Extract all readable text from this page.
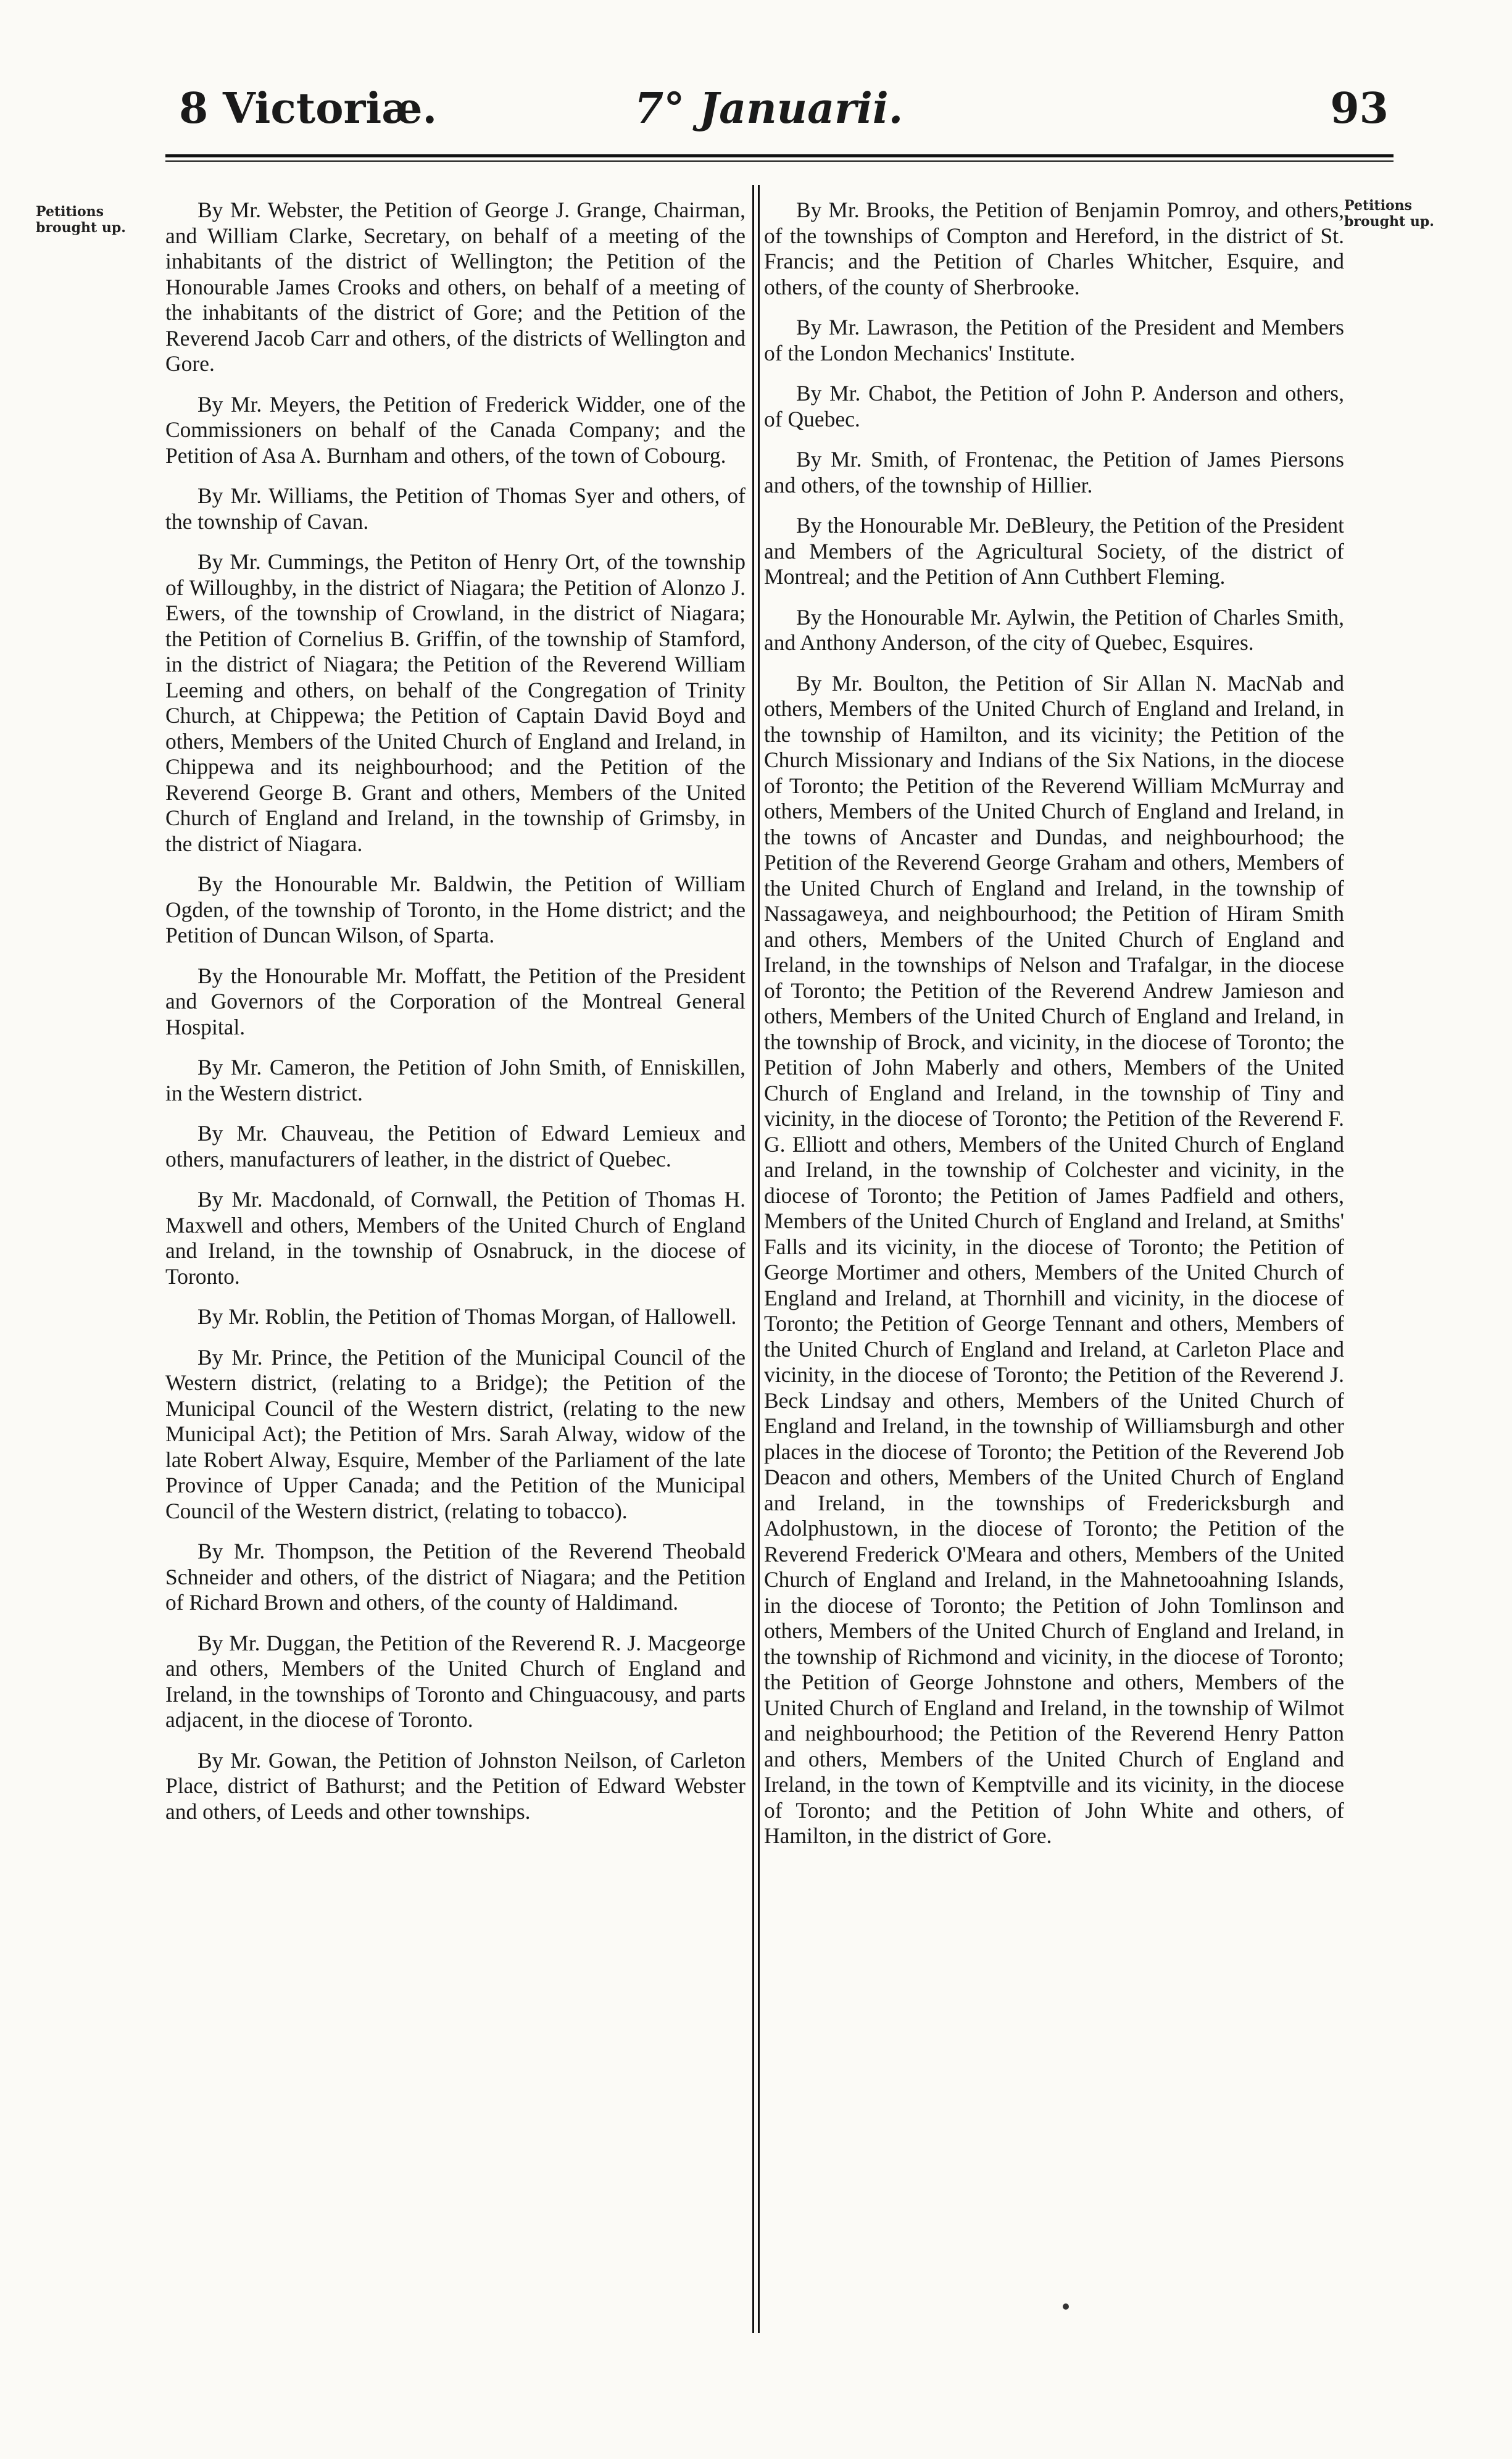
8 Victoriæ.	7° Januarii.	93
Petitions brought up.
Petitions brought up.

By Mr. Webster, the Petition of George J. Grange, Chairman, and William Clarke, Secretary, on behalf of a meeting of the inhabitants of the district of Wellington; the Petition of the Honourable James Crooks and others, on behalf of a meeting of the inhabitants of the district of Gore; and the Petition of the Reverend Jacob Carr and others, of the districts of Wellington and Gore.

By Mr. Meyers, the Petition of Frederick Widder, one of the Commissioners on behalf of the Canada Company; and the Petition of Asa A. Burnham and others, of the town of Cobourg.

By Mr. Williams, the Petition of Thomas Syer and others, of the township of Cavan.

By Mr. Cummings, the Petiton of Henry Ort, of the township of Willoughby, in the district of Niagara; the Petition of Alonzo J. Ewers, of the township of Crowland, in the district of Niagara; the Petition of Cornelius B. Griffin, of the township of Stamford, in the district of Niagara; the Petition of the Reverend William Leeming and others, on behalf of the Congregation of Trinity Church, at Chippewa; the Petition of Captain David Boyd and others, Members of the United Church of England and Ireland, in Chippewa and its neighbourhood; and the Petition of the Reverend George B. Grant and others, Members of the United Church of England and Ireland, in the township of Grimsby, in the district of Niagara.

By the Honourable Mr. Baldwin, the Petition of William Ogden, of the township of Toronto, in the Home district; and the Petition of Duncan Wilson, of Sparta.

By the Honourable Mr. Moffatt, the Petition of the President and Governors of the Corporation of the Montreal General Hospital.

By Mr. Cameron, the Petition of John Smith, of Enniskillen, in the Western district.

By Mr. Chauveau, the Petition of Edward Lemieux and others, manufacturers of leather, in the district of Quebec.

By Mr. Macdonald, of Cornwall, the Petition of Thomas H. Maxwell and others, Members of the United Church of England and Ireland, in the township of Osnabruck, in the diocese of Toronto.

By Mr. Roblin, the Petition of Thomas Morgan, of Hallowell.

By Mr. Prince, the Petition of the Municipal Council of the Western district, (relating to a Bridge); the Petition of the Municipal Council of the Western district, (relating to the new Municipal Act); the Petition of Mrs. Sarah Alway, widow of the late Robert Alway, Esquire, Member of the Parliament of the late Province of Upper Canada; and the Petition of the Municipal Council of the Western district, (relating to tobacco).

By Mr. Thompson, the Petition of the Reverend Theobald Schneider and others, of the district of Niagara; and the Petition of Richard Brown and others, of the county of Haldimand.

By Mr. Duggan, the Petition of the Reverend R. J. Macgeorge and others, Members of the United Church of England and Ireland, in the townships of Toronto and Chinguacousy, and parts adjacent, in the diocese of Toronto.

By Mr. Gowan, the Petition of Johnston Neilson, of Carleton Place, district of Bathurst; and the Petition of Edward Webster and others, of Leeds and other townships.

By Mr. Brooks, the Petition of Benjamin Pomroy, and others, of the townships of Compton and Hereford, in the district of St. Francis; and the Petition of Charles Whitcher, Esquire, and others, of the county of Sherbrooke.

By Mr. Lawrason, the Petition of the President and Members of the London Mechanics' Institute.

By Mr. Chabot, the Petition of John P. Anderson and others, of Quebec.

By Mr. Smith, of Frontenac, the Petition of James Piersons and others, of the township of Hillier.

By the Honourable Mr. DeBleury, the Petition of the President and Members of the Agricultural Society, of the district of Montreal; and the Petition of Ann Cuthbert Fleming.

By the Honourable Mr. Aylwin, the Petition of Charles Smith, and Anthony Anderson, of the city of Quebec, Esquires.

By Mr. Boulton, the Petition of Sir Allan N. MacNab and others, Members of the United Church of England and Ireland, in the township of Hamilton, and its vicinity; the Petition of the Church Missionary and Indians of the Six Nations, in the diocese of Toronto; the Petition of the Reverend William McMurray and others, Members of the United Church of England and Ireland, in the towns of Ancaster and Dundas, and neighbourhood; the Petition of the Reverend George Graham and others, Members of the United Church of England and Ireland, in the township of Nassagaweya, and neighbourhood; the Petition of Hiram Smith and others, Members of the United Church of England and Ireland, in the townships of Nelson and Trafalgar, in the diocese of Toronto; the Petition of the Reverend Andrew Jamieson and others, Members of the United Church of England and Ireland, in the township of Brock, and vicinity, in the diocese of Toronto; the Petition of John Maberly and others, Members of the United Church of England and Ireland, in the township of Tiny and vicinity, in the diocese of Toronto; the Petition of the Reverend F. G. Elliott and others, Members of the United Church of England and Ireland, in the township of Colchester and vicinity, in the diocese of Toronto; the Petition of James Padfield and others, Members of the United Church of England and Ireland, at Smiths' Falls and its vicinity, in the diocese of Toronto; the Petition of George Mortimer and others, Members of the United Church of England and Ireland, at Thornhill and vicinity, in the diocese of Toronto; the Petition of George Tennant and others, Members of the United Church of England and Ireland, at Carleton Place and vicinity, in the diocese of Toronto; the Petition of the Reverend J. Beck Lindsay and others, Members of the United Church of England and Ireland, in the township of Williamsburgh and other places in the diocese of Toronto; the Petition of the Reverend Job Deacon and others, Members of the United Church of England and Ireland, in the townships of Fredericksburgh and Adolphustown, in the diocese of Toronto; the Petition of the Reverend Frederick O'Meara and others, Members of the United Church of England and Ireland, in the Mahnetooahning Islands, in the diocese of Toronto; the Petition of John Tomlinson and others, Members of the United Church of England and Ireland, in the township of Richmond and vicinity, in the diocese of Toronto; the Petition of George Johnstone and others, Members of the United Church of England and Ireland, in the township of Wilmot and neighbourhood; the Petition of the Reverend Henry Patton and others, Members of the United Church of England and Ireland, in the town of Kemptville and its vicinity, in the diocese of Toronto; and the Petition of John White and others, of Hamilton, in the district of Gore.
